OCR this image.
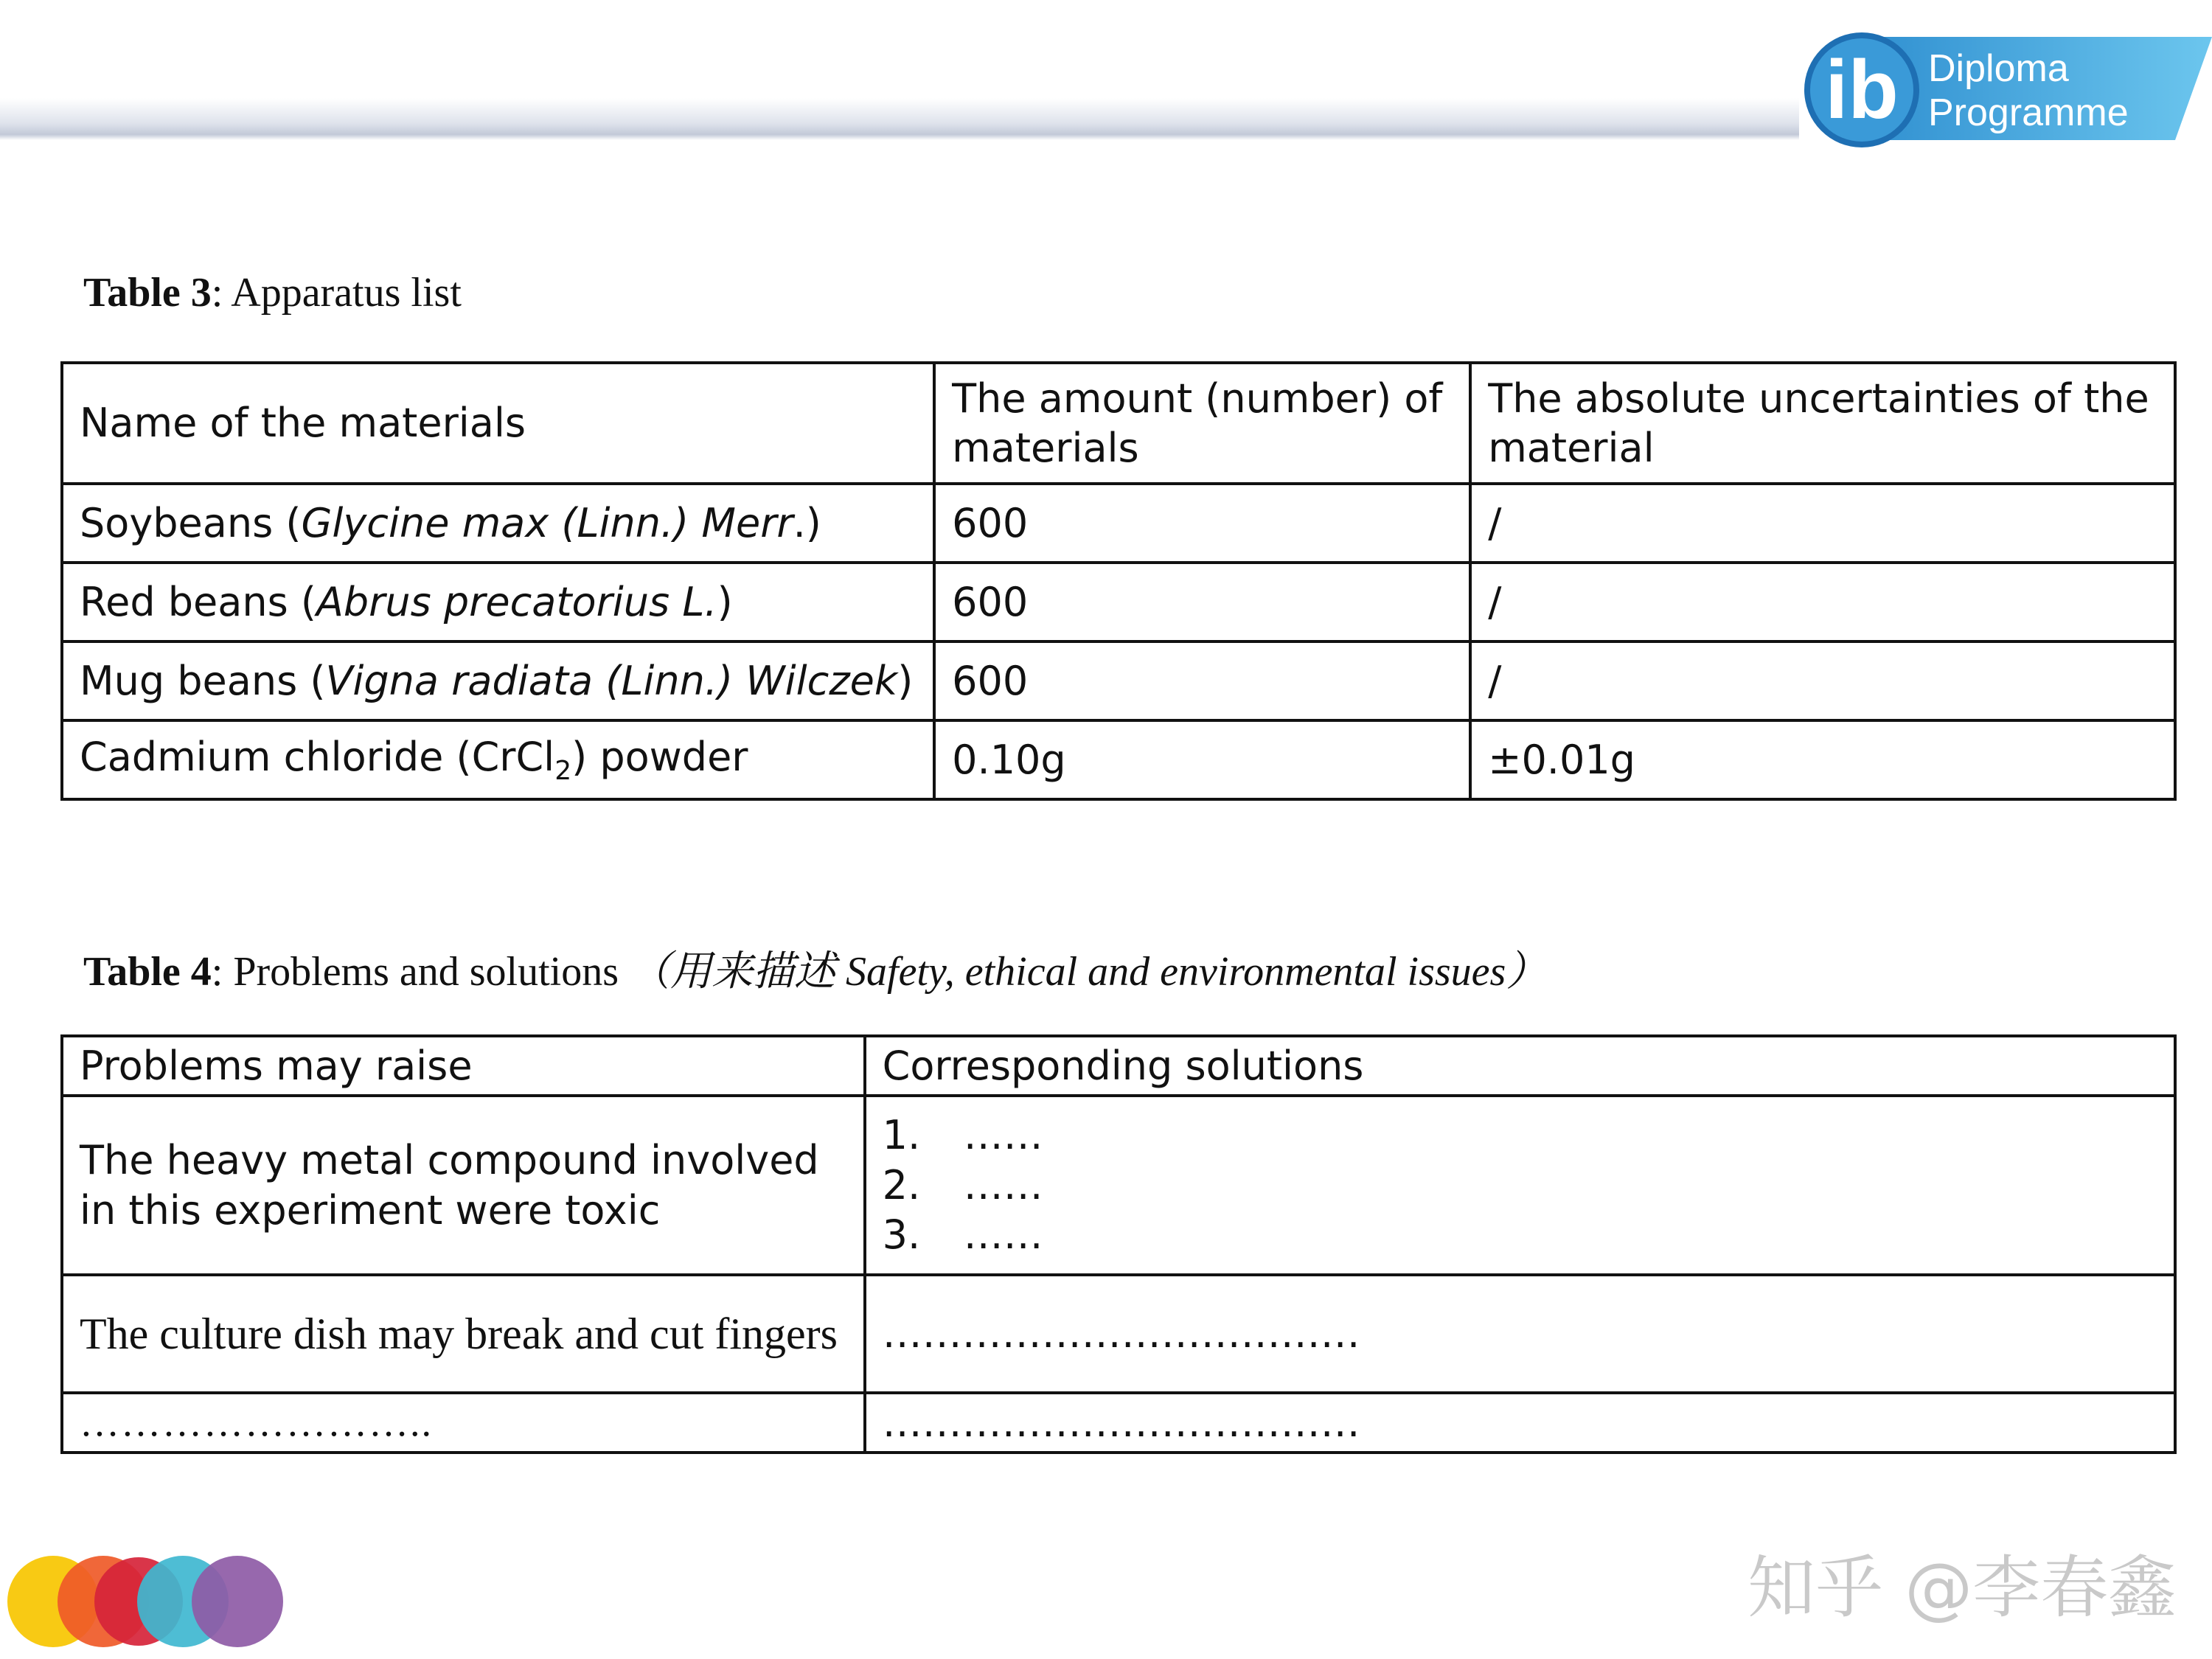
ib Diploma
Programme
Table 3: Apparatus list
Name of the materials	The amount (number) of materials	The absolute uncertainties of the material
Soybeans (Glycine max (Linn.) Merr.)	600	/
Red beans (Abrus precatorius L.)	600	/
Mug beans (Vigna radiata (Linn.) Wilczek)	600	/
Cadmium chloride (CrCl$_2$) powder	0.10g	±0.01g
Table 4: Problems and solutions （用来描述 Safety, ethical and environmental issues）
Problems may raise	Corresponding solutions
The heavy metal compound involved in this experiment were toxic	1. ……
2. ……
3. ……

The culture dish may break and cut fingers	………………………………
……………………..	………………………………
知乎 @李春鑫
